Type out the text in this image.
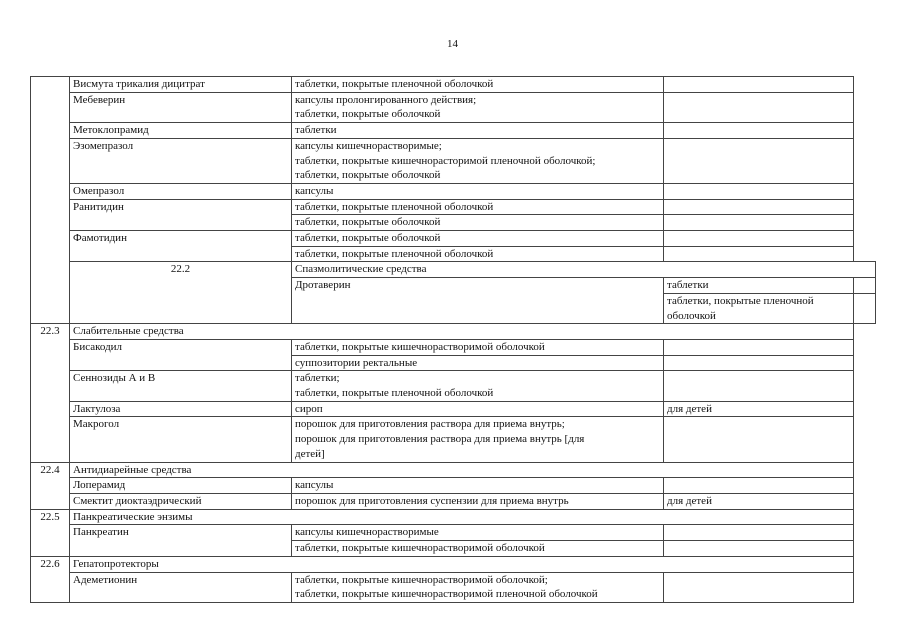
14
	Висмута трикалия дицитрат	таблетки, покрытые пленочной оболочкой		
	Мебеверин	капсулы пролонгированного действия;
таблетки, покрытые оболочкой		

	Метоклопрамид	таблетки		
	Эзомепразол	капсулы кишечнорастворимые;
таблетки, покрытые кишечнорасторимой пленочной оболочкой;
таблетки, покрытые оболочкой		

	Омепразол	капсулы		
	Ранитидин	таблетки, покрытые пленочной оболочкой		
		таблетки, покрытые оболочкой		
	Фамотидин	таблетки, покрытые оболочкой		
		таблетки, покрытые пленочной оболочкой		
	22.2	Спазмолитические средства		
		Дротаверин	таблетки	
			таблетки, покрытые пленочной оболочкой	
22.3	Слабительные средства			
	Бисакодил	таблетки, покрытые кишечнорастворимой оболочкой		
		суппозитории ректальные		
	Сеннозиды А и В	таблетки;
таблетки, покрытые пленочной оболочкой		

	Лактулоза	сироп	для детей	
	Макрогол	порошок для приготовления раствора для приема внутрь;
порошок для приготовления раствора для приема внутрь [для
детей]		

22.4	Антидиарейные средства			
	Лоперамид	капсулы		
	Смектит диоктаэдрический	порошок для приготовления суспензии для приема внутрь	для детей	
22.5	Панкреатические энзимы			
	Панкреатин	капсулы кишечнорастворимые		
		таблетки, покрытые кишечнорастворимой оболочкой		
22.6	Гепатопротекторы			
	Адеметионин	таблетки, покрытые кишечнорастворимой оболочкой;
таблетки, покрытые кишечнорастворимой пленочной оболочкой		
